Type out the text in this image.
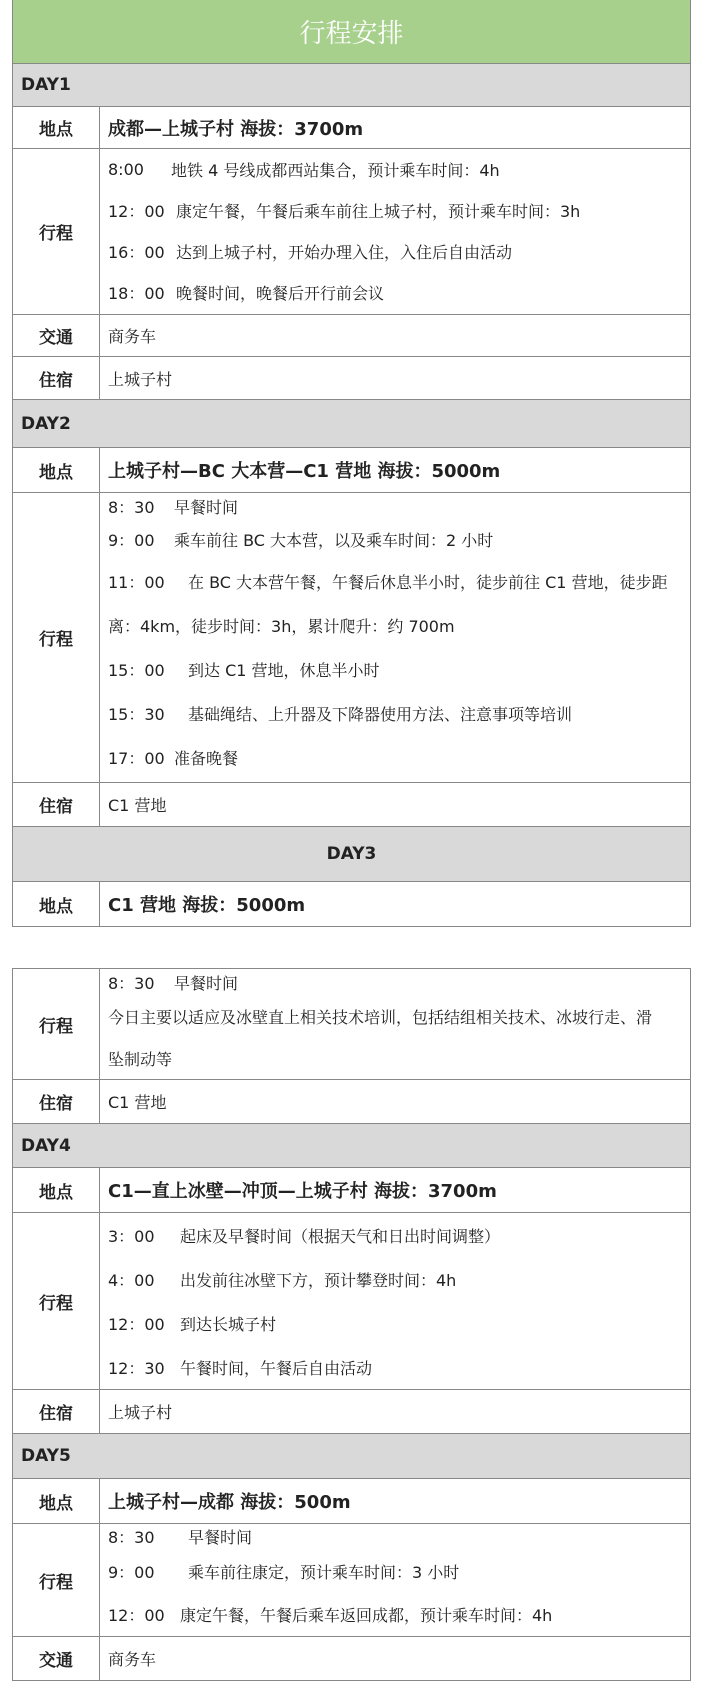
行程安排
DAY1
地点	成都—上城子村 海拔：3700m
行程
8:00	地铁 4 号线成都西站集合，预计乘车时间：4h
12：00 康定午餐，午餐后乘车前往上城子村，预计乘车时间：3h
16：00 达到上城子村，开始办理入住，入住后自由活动
18：00 晚餐时间，晚餐后开行前会议
交通	商务车
住宿	上城子村
DAY2
地点	上城子村—BC 大本营—C1 营地 海拔：5000m
行程
8：30	早餐时间
9：00	乘车前往 BC 大本营，以及乘车时间：2 小时
11：00	在 BC 大本营午餐，午餐后休息半小时，徒步前往 C1 营地，徒步距
离：4km，徒步时间：3h，累计爬升：约 700m
15：00	到达 C1 营地，休息半小时
15：30	基础绳结、上升器及下降器使用方法、注意事项等培训
17：00 准备晚餐
住宿	C1 营地
DAY3
地点	C1 营地 海拔：5000m
行程
8：30	早餐时间
今日主要以适应及冰壁直上相关技术培训，包括结组相关技术、冰坡行走、滑
坠制动等
住宿	C1 营地
DAY4
地点	C1—直上冰壁—冲顶—上城子村 海拔：3700m
行程
3：00	起床及早餐时间（根据天气和日出时间调整）
4：00	出发前往冰壁下方，预计攀登时间：4h
12：00 到达长城子村
12：30 午餐时间，午餐后自由活动
住宿	上城子村
DAY5
地点	上城子村—成都 海拔：500m
行程
8：30	早餐时间
9：00	乘车前往康定，预计乘车时间：3 小时
12：00 康定午餐，午餐后乘车返回成都，预计乘车时间：4h
交通	商务车
